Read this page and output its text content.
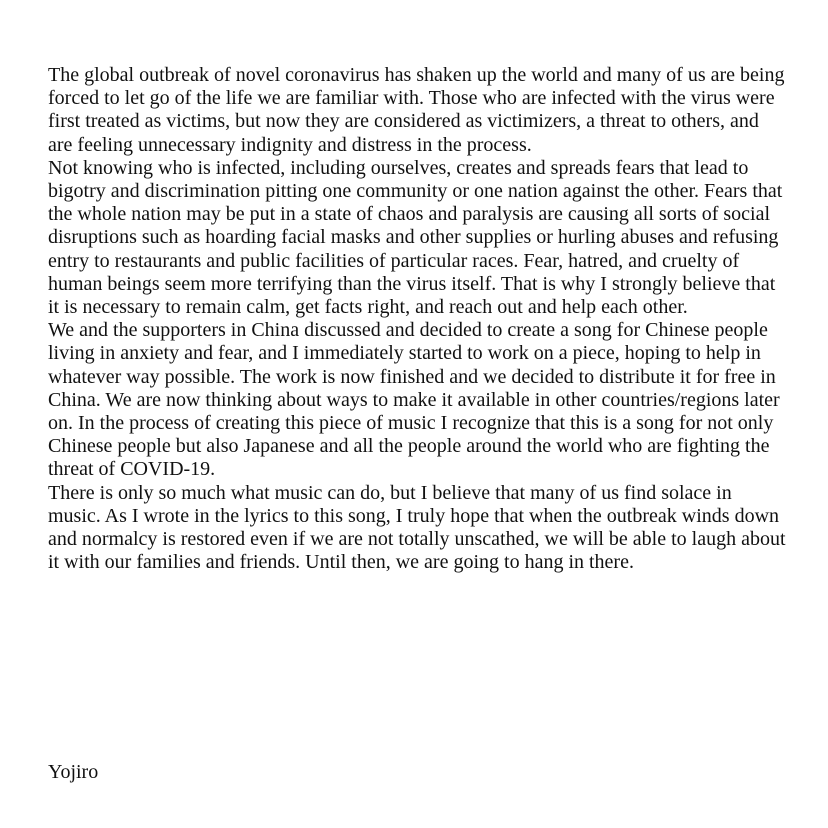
The global outbreak of novel coronavirus has shaken up the world and many of us are being forced to let go of the life we are familiar with. Those who are infected with the virus were first treated as victims, but now they are considered as victimizers, a threat to others, and are feeling unnecessary indignity and distress in the process.

Not knowing who is infected, including ourselves, creates and spreads fears that lead to bigotry and discrimination pitting one community or one nation against the other. Fears that the whole nation may be put in a state of chaos and paralysis are causing all sorts of social disruptions such as hoarding facial masks and other supplies or hurling abuses and refusing entry to restaurants and public facilities of particular races. Fear, hatred, and cruelty of human beings seem more terrifying than the virus itself. That is why I strongly believe that it is necessary to remain calm, get facts right, and reach out and help each other.

We and the supporters in China discussed and decided to create a song for Chinese people living in anxiety and fear, and I immediately started to work on a piece, hoping to help in whatever way possible. The work is now finished and we decided to distribute it for free in China. We are now thinking about ways to make it available in other countries/regions later on. In the process of creating this piece of music I recognize that this is a song for not only Chinese people but also Japanese and all the people around the world who are fighting the threat of COVID-19.

There is only so much what music can do, but I believe that many of us find solace in music. As I wrote in the lyrics to this song, I truly hope that when the outbreak winds down and normalcy is restored even if we are not totally unscathed, we will be able to laugh about it with our families and friends. Until then, we are going to hang in there.

Yojiro
